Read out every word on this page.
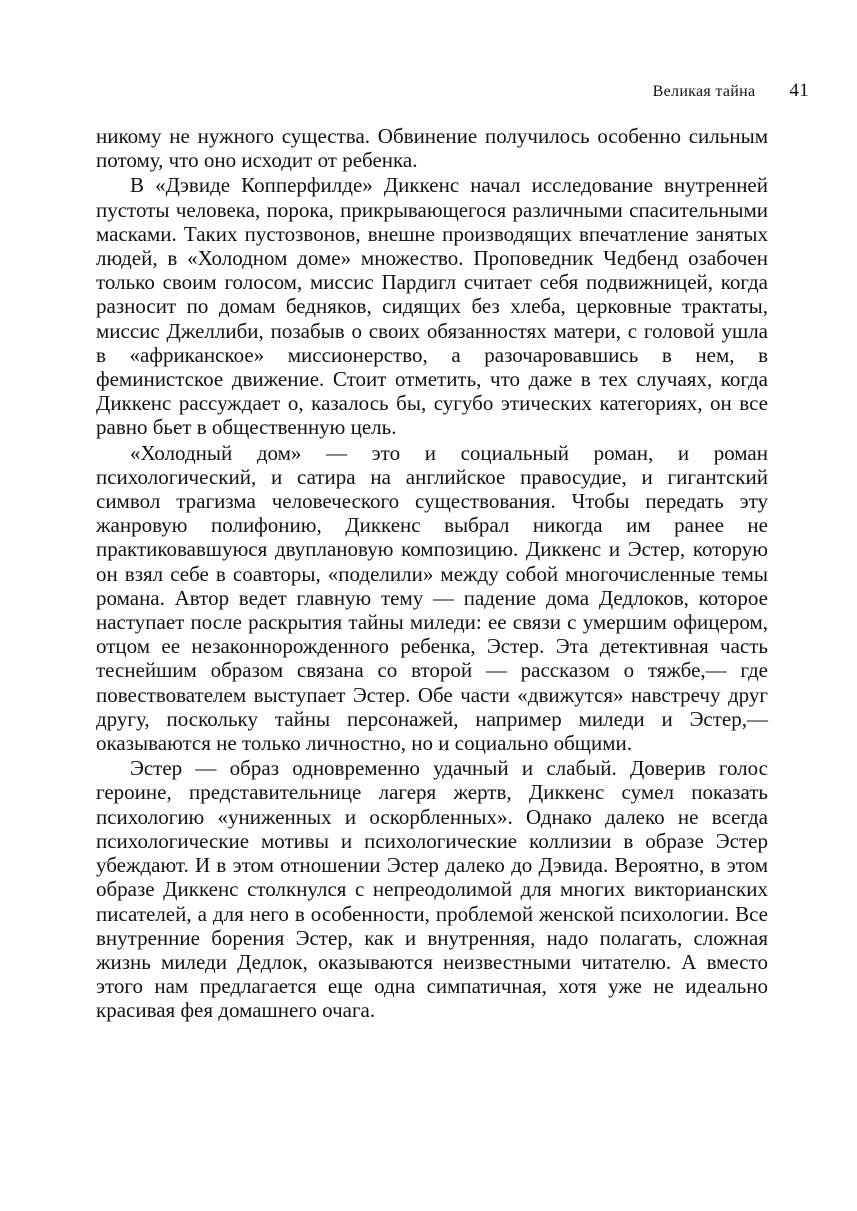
Великая тайна 41

никому не нужного существа. Обвинение получилось особенно сильным потому, что оно исходит от ребенка.

В «Дэвиде Копперфилде» Диккенс начал исследование внутренней пустоты человека, порока, прикрывающегося различными спасительными масками. Таких пустозвонов, внешне производящих впечатление занятых людей, в «Холодном доме» множество. Проповедник Чедбенд озабочен только своим голосом, миссис Пардигл считает себя подвижницей, когда разносит по домам бедняков, сидящих без хлеба, церковные трактаты, миссис Джеллиби, позабыв о своих обязанностях матери, с головой ушла в «африканское» миссионерство, а разочаровавшись в нем, в феминистское движение. Стоит отметить, что даже в тех случаях, когда Диккенс рассуждает о, казалось бы, сугубо этических категориях, он все равно бьет в общественную цель.

«Холодный дом» — это и социальный роман, и роман психологический, и сатира на английское правосудие, и гигантский символ трагизма человеческого существования. Чтобы передать эту жанровую полифонию, Диккенс выбрал никогда им ранее не практиковавшуюся двуплановую композицию. Диккенс и Эстер, которую он взял себе в соавторы, «поделили» между собой многочисленные темы романа. Автор ведет главную тему — падение дома Дедлоков, которое наступает после раскрытия тайны миледи: ее связи с умершим офицером, отцом ее незаконнорожденного ребенка, Эстер. Эта детективная часть теснейшим образом связана со второй — рассказом о тяжбе,— где повествователем выступает Эстер. Обе части «движутся» навстречу друг другу, поскольку тайны персонажей, например миледи и Эстер,— оказываются не только личностно, но и социально общими.

Эстер — образ одновременно удачный и слабый. Доверив голос героине, представительнице лагеря жертв, Диккенс сумел показать психологию «униженных и оскорбленных». Однако далеко не всегда психологические мотивы и психологические коллизии в образе Эстер убеждают. И в этом отношении Эстер далеко до Дэвида. Вероятно, в этом образе Диккенс столкнулся с непреодолимой для многих викторианских писателей, а для него в особенности, проблемой женской психологии. Все внутренние борения Эстер, как и внутренняя, надо полагать, сложная жизнь миледи Дедлок, оказываются неизвестными читателю. А вместо этого нам предлагается еще одна симпатичная, хотя уже не идеально красивая фея домашнего очага.
